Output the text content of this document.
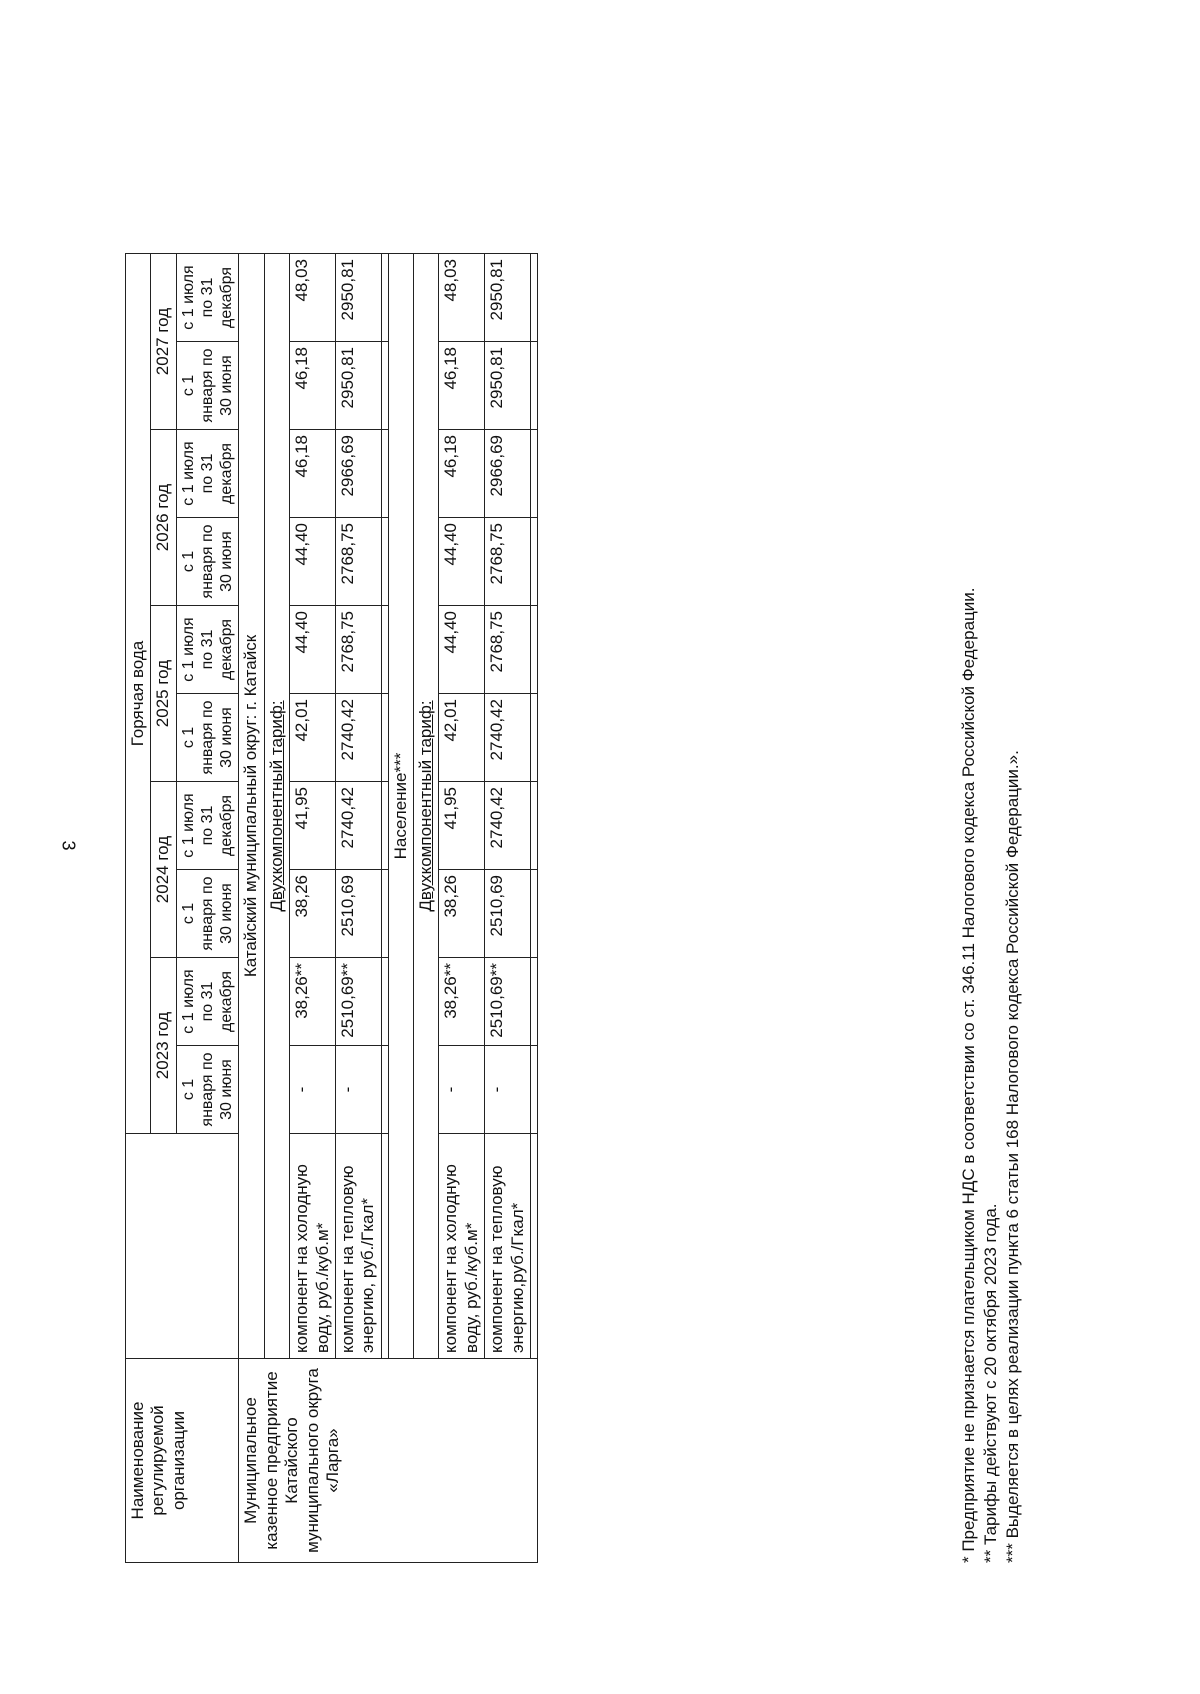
3
Наименование регулируемой организации		Горячая вода									
		2023 год		2024 год		2025 год		2026 год		2027 год	
		с 1 января по 30 июня	с 1 июля по 31 декабря	с 1 января по 30 июня	с 1 июля по 31 декабря	с 1 января по 30 июня	с 1 июля по 31 декабря	с 1 января по 30 июня	с 1 июля по 31 декабря	с 1 января по 30 июня	с 1 июля по 31 декабря
Муниципальное казенное предприятие Катайского муниципального округа «Ларга»	Катайский муниципальный округ: г. Катайск										
	Двухкомпонентный тариф:										
	компонент на холодную воду, руб./куб.м*	-	38,26**	38,26	41,95	42,01	44,40	44,40	46,18	46,18	48,03
	компонент на тепловую энергию, руб./Гкал*	-	2510,69**	2510,69	2740,42	2740,42	2768,75	2768,75	2966,69	2950,81	2950,81

	Население***										
	Двухкомпонентный тариф:										
	компонент на холодную воду, руб./куб.м*	-	38,26**	38,26	41,95	42,01	44,40	44,40	46,18	46,18	48,03
	компонент на тепловую энергию,руб./Гкал*	-	2510,69**	2510,69	2740,42	2740,42	2768,75	2768,75	2966,69	2950,81	2950,81

* Предприятие не признается плательщиком НДС в соответствии со ст. 346.11 Налогового кодекса Российской Федерации. ** Тарифы действуют с 20 октября 2023 года. *** Выделяется в целях реализации пункта 6 статьи 168 Налогового кодекса Российской Федерации.».
